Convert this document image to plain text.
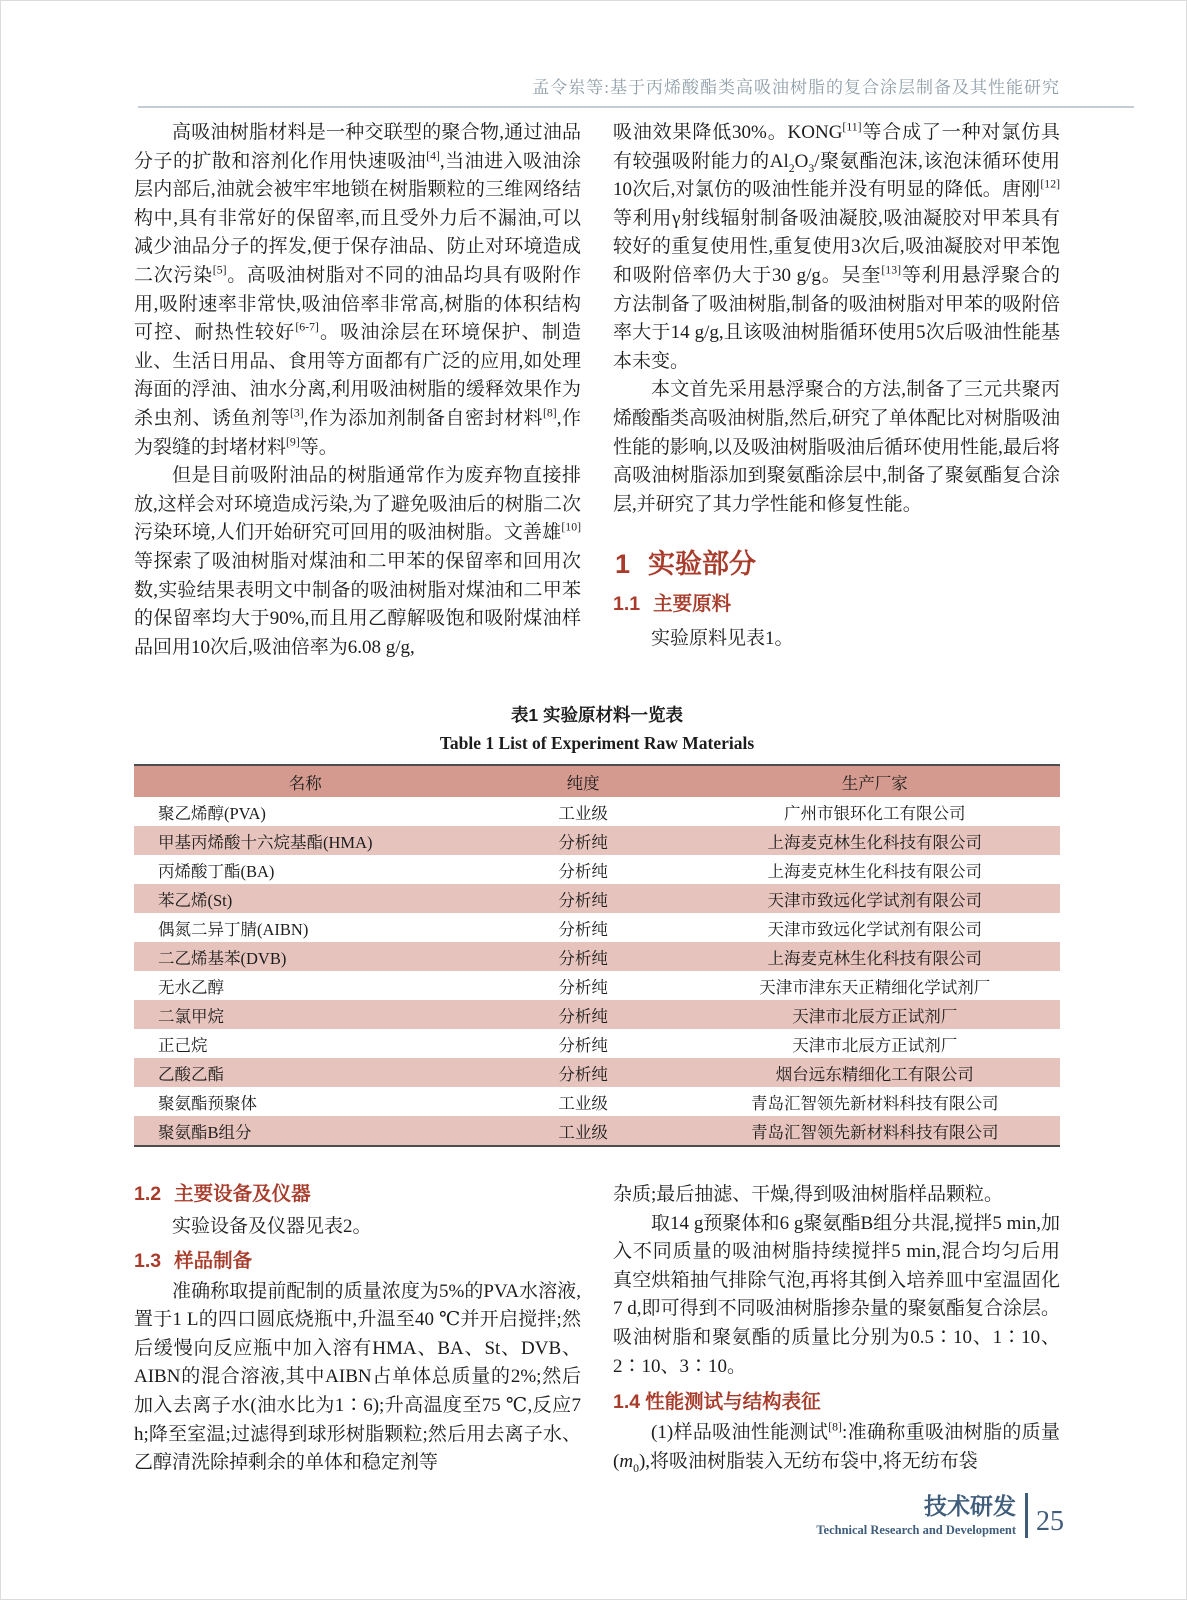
孟令岽等:基于丙烯酸酯类高吸油树脂的复合涂层制备及其性能研究

高吸油树脂材料是一种交联型的聚合物,通过油品分子的扩散和溶剂化作用快速吸油[4],当油进入吸油涂层内部后,油就会被牢牢地锁在树脂颗粒的三维网络结构中,具有非常好的保留率,而且受外力后不漏油,可以减少油品分子的挥发,便于保存油品、防止对环境造成二次污染[5]。高吸油树脂对不同的油品均具有吸附作用,吸附速率非常快,吸油倍率非常高,树脂的体积结构可控、耐热性较好[6-7]。吸油涂层在环境保护、制造业、生活日用品、食用等方面都有广泛的应用,如处理海面的浮油、油水分离,利用吸油树脂的缓释效果作为杀虫剂、诱鱼剂等[3],作为添加剂制备自密封材料[8],作为裂缝的封堵材料[9]等。

但是目前吸附油品的树脂通常作为废弃物直接排放,这样会对环境造成污染,为了避免吸油后的树脂二次污染环境,人们开始研究可回用的吸油树脂。文善雄[10]等探索了吸油树脂对煤油和二甲苯的保留率和回用次数,实验结果表明文中制备的吸油树脂对煤油和二甲苯的保留率均大于90%,而且用乙醇解吸饱和吸附煤油样品回用10次后,吸油倍率为6.08 g/g,

吸油效果降低30%。KONG[11]等合成了一种对氯仿具有较强吸附能力的$Al_2O_3/$聚氨酯泡沫,该泡沫循环使用10次后,对氯仿的吸油性能并没有明显的降低。唐刚[12]等利用γ射线辐射制备吸油凝胶,吸油凝胶对甲苯具有较好的重复使用性,重复使用3次后,吸油凝胶对甲苯饱和吸附倍率仍大于30 g/g。吴奎[13]等利用悬浮聚合的方法制备了吸油树脂,制备的吸油树脂对甲苯的吸附倍率大于14 g/g,且该吸油树脂循环使用5次后吸油性能基本未变。

本文首先采用悬浮聚合的方法,制备了三元共聚丙烯酸酯类高吸油树脂,然后,研究了单体配比对树脂吸油性能的影响,以及吸油树脂吸油后循环使用性能,最后将高吸油树脂添加到聚氨酯涂层中,制备了聚氨酯复合涂层,并研究了其力学性能和修复性能。

1 实验部分
1.1 主要原料

实验原料见表1。

表1 实验原材料一览表
Table 1 List of Experiment Raw Materials
名称	纯度	生产厂家
聚乙烯醇(PVA)	工业级	广州市银环化工有限公司
甲基丙烯酸十六烷基酯(HMA)	分析纯	上海麦克林生化科技有限公司
丙烯酸丁酯(BA)	分析纯	上海麦克林生化科技有限公司
苯乙烯(St)	分析纯	天津市致远化学试剂有限公司
偶氮二异丁腈(AIBN)	分析纯	天津市致远化学试剂有限公司
二乙烯基苯(DVB)	分析纯	上海麦克林生化科技有限公司
无水乙醇	分析纯	天津市津东天正精细化学试剂厂
二氯甲烷	分析纯	天津市北辰方正试剂厂
正己烷	分析纯	天津市北辰方正试剂厂
乙酸乙酯	分析纯	烟台远东精细化工有限公司
聚氨酯预聚体	工业级	青岛汇智领先新材料科技有限公司
聚氨酯B组分	工业级	青岛汇智领先新材料科技有限公司
1.2 主要设备及仪器

实验设备及仪器见表2。

1.3 样品制备

准确称取提前配制的质量浓度为5%的PVA水溶液,置于1 L的四口圆底烧瓶中,升温至40 ℃并开启搅拌;然后缓慢向反应瓶中加入溶有HMA、BA、St、DVB、AIBN的混合溶液,其中AIBN占单体总质量的2%;然后加入去离子水(油水比为1∶6);升高温度至75 ℃,反应7 h;降至室温;过滤得到球形树脂颗粒;然后用去离子水、乙醇清洗除掉剩余的单体和稳定剂等

杂质;最后抽滤、干燥,得到吸油树脂样品颗粒。

取14 g预聚体和6 g聚氨酯B组分共混,搅拌5 min,加入不同质量的吸油树脂持续搅拌5 min,混合均匀后用真空烘箱抽气排除气泡,再将其倒入培养皿中室温固化7 d,即可得到不同吸油树脂掺杂量的聚氨酯复合涂层。吸油树脂和聚氨酯的质量比分别为0.5∶10、1∶10、2∶10、3∶10。

1.4 性能测试与结构表征

(1)样品吸油性能测试[8]:准确称重吸油树脂的质量$(m_0)$,将吸油树脂装入无纺布袋中,将无纺布袋

技术研发
Technical Research and Development 25
